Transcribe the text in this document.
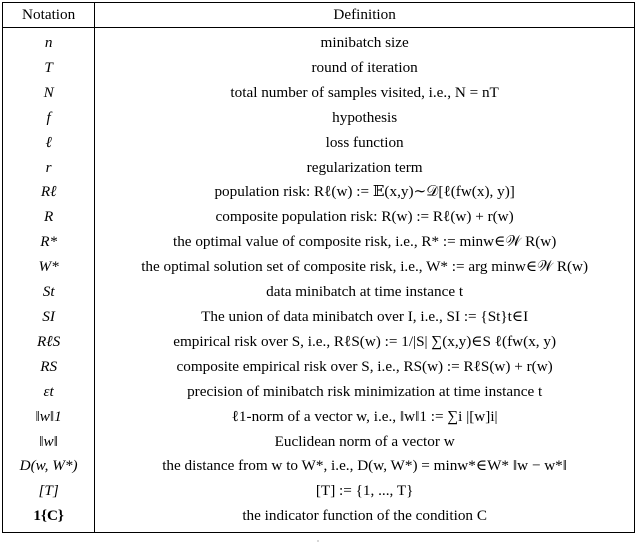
Notation	Definition
n	minibatch size
T	round of iteration
N	total number of samples visited, i.e., N = nT
f	hypothesis
ℓ	loss function
r	regularization term
Rℓ	population risk: Rℓ(w) := 𝔼(x,y)∼𝒟[ℓ(fw(x), y)]
R	composite population risk: R(w) := Rℓ(w) + r(w)
R*	the optimal value of composite risk, i.e., R* := minw∈𝒲 R(w)
W*	the optimal solution set of composite risk, i.e., W* := arg minw∈𝒲 R(w)
St	data minibatch at time instance t
SI	The union of data minibatch over I, i.e., SI := {St}t∈I
RℓS	empirical risk over S, i.e., RℓS(w) := 1/|S| ∑(x,y)∈S ℓ(fw(x, y)
RS	composite empirical risk over S, i.e., RS(w) := RℓS(w) + r(w)
εt	precision of minibatch risk minimization at time instance t
‖w‖1	ℓ1-norm of a vector w, i.e., ‖w‖1 := ∑i |[w]i|
‖w‖	Euclidean norm of a vector w
D(w, W*)	the distance from w to W*, i.e., D(w, W*) = minw*∈W* ‖w − w*‖
[T]	[T] := {1, ..., T}
1{C}	the indicator function of the condition C
